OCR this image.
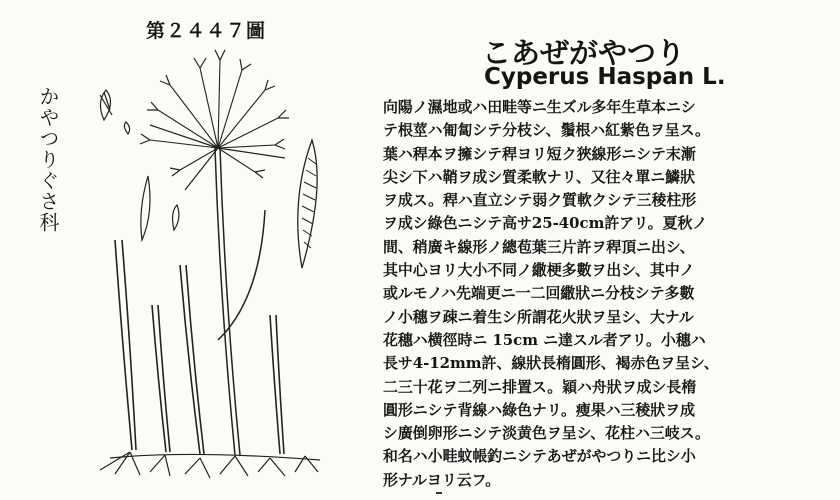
第２４４７圖
かやつりぐさ科
こあぜがやつり
Cyperus Haspan L.
向陽ノ濕地或ハ田畦等ニ生ズル多年生草本ニシ
テ根莖ハ匍匐シテ分枝シ、鬚根ハ紅紫色ヲ呈ス。
葉ハ稈本ヲ擁シテ稈ヨリ短ク狹線形ニシテ末漸
尖シ下ハ鞘ヲ成シ質柔軟ナリ、又往々單ニ鱗狀
ヲ成ス。稈ハ直立シテ弱ク質軟クシテ三稜柱形
ヲ成シ綠色ニシテ高サ25-40cm許アリ。夏秋ノ
間、稍廣キ線形ノ總苞葉三片許ヲ稈頂ニ出シ、
其中心ヨリ大小不同ノ繖梗多數ヲ出シ、其中ノ
或ルモノハ先端更ニ一二回繖狀ニ分枝シテ多數
ノ小穗ヲ疎ニ着生シ所謂花火狀ヲ呈シ、大ナル
花穗ハ横徑時ニ 15cm ニ達スル者アリ。小穗ハ
長サ4-12mm許、線狀長楕圓形、褐赤色ヲ呈シ、
二三十花ヲ二列ニ排置ス。穎ハ舟狀ヲ成シ長楕
圓形ニシテ背線ハ綠色ナリ。瘦果ハ三稜狀ヲ成
シ廣倒卵形ニシテ淡黄色ヲ呈シ、花柱ハ三岐ス。
和名ハ小畦蚊帳釣ニシテあぜがやつりニ比シ小
形ナルヨリ云フ。
